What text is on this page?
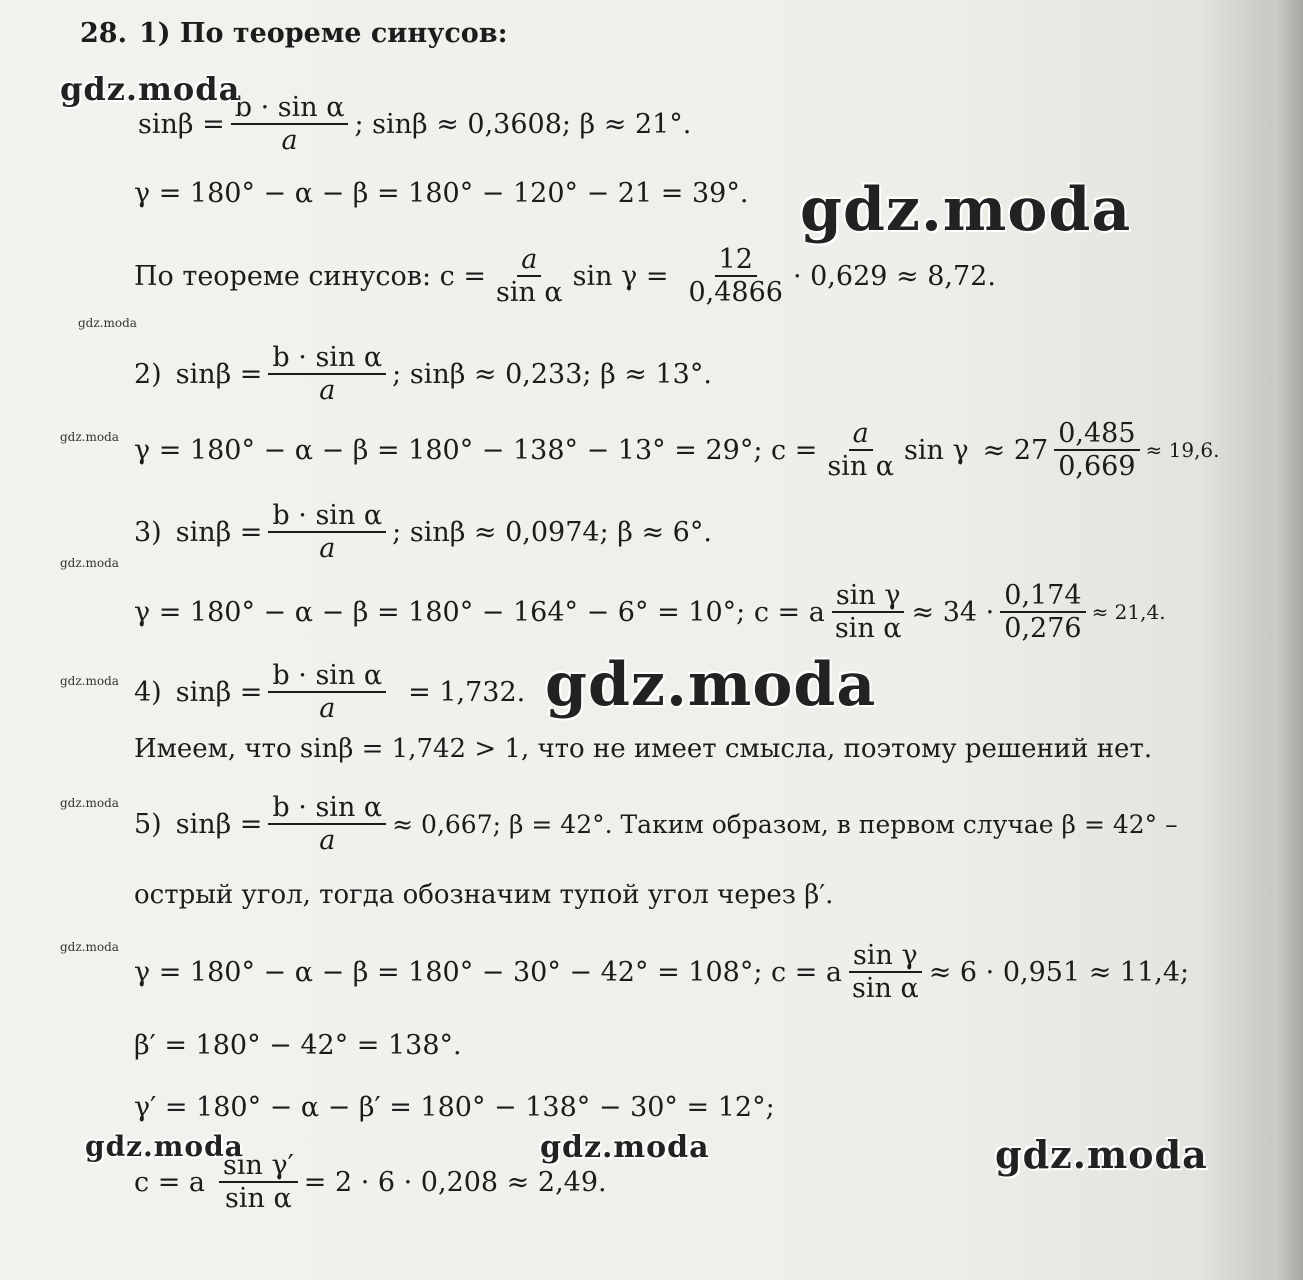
28. 1) По теореме синусов:
$\sin\beta = \frac{\text{b · sin α}}{a}$ ; sinβ ≈ 0,3608; β ≈ 21°.
γ = 180° − α − β = 180° − 120° − 21 = 39°.
По теореме синусов: $c = \frac{a}{\text{sin α}}$ $\sin \gamma = \frac{12}{0,4866} \cdot 0,629 \approx 8,72$.
2) $\sin\beta = \frac{\text{b · sin α}}{a}$ ; sinβ ≈ 0,233; β ≈ 13°.
γ = 180° − α − β = 180° − 138° − 13° = 29°; $c = \frac{a}{\text{sin α}}$ $\sin \gamma \approx 27 \frac{0,485}{0,669} \approx 19,6$.
3) $\sin\beta = \frac{\text{b · sin α}}{a}$ ; sinβ ≈ 0,0974; β ≈ 6°.
γ = 180° − α − β = 180° − 164° − 6° = 10°; c = a $\frac{\text{sin γ}}{\text{sin α}} \approx 34 \cdot \frac{0,174}{0,276} \approx 21,4$.
4) $\sin\beta = \frac{\text{b · sin α}}{a} = 1,732$.
Имеем, что sinβ = 1,742 > 1, что не имеет смысла, поэтому решений нет.
5) $\sin\beta = \frac{\text{b · sin α}}{a} \approx 0,667$; β = 42°. Таким образом, в первом случае β = 42° –
острый угол, тогда обозначим тупой угол через β′.
γ = 180° − α − β = 180° − 30° − 42° = 108°; c = a $\frac{\text{sin γ}}{\text{sin α}} \approx 6 \cdot 0,951 \approx 11,4$;
β′ = 180° − 42° = 138°.
γ′ = 180° − α − β′ = 180° − 138° − 30° = 12°;
c = a $\frac{\text{sin γ′}}{\text{sin α}} = 2 \cdot 6 \cdot 0,208 \approx 2,49$.
gdz.moda
gdz.moda
gdz.moda
gdz.moda	gdz.moda	gdz.moda
gdz.moda
gdz.moda
gdz.moda
gdz.moda
gdz.moda
gdz.moda
